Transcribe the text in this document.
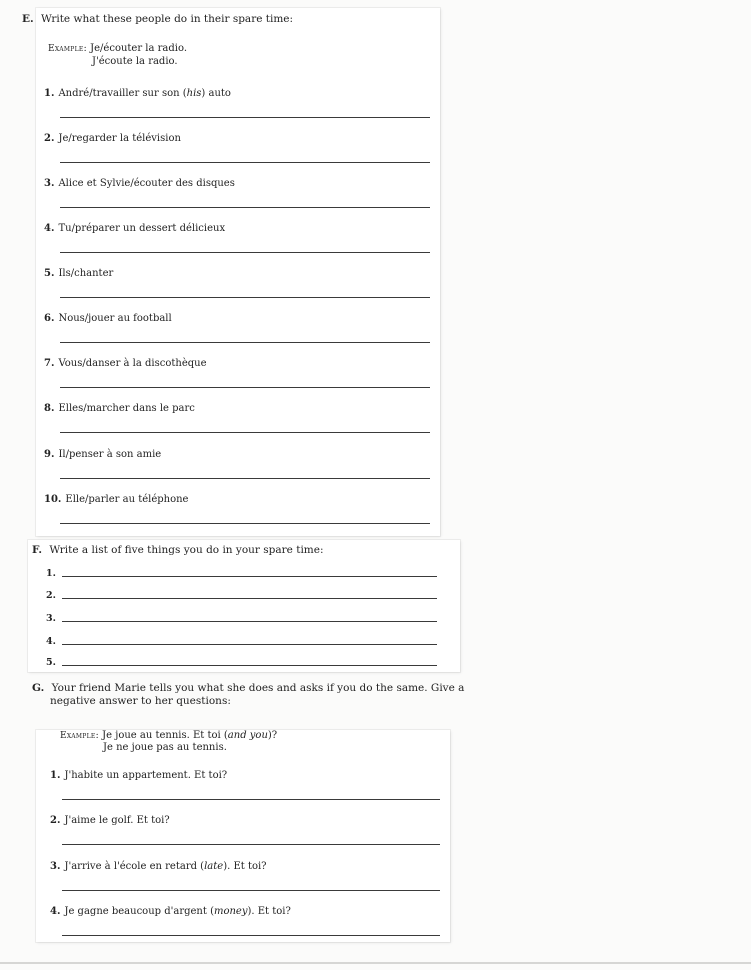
E. Write what these people do in their spare time:
Example: Je/écouter la radio.
J'écoute la radio.
1. André/travailler sur son (his) auto
2. Je/regarder la télévision
3. Alice et Sylvie/écouter des disques
4. Tu/préparer un dessert délicieux
5. Ils/chanter
6. Nous/jouer au football
7. Vous/danser à la discothèque
8. Elles/marcher dans le parc
9. Il/penser à son amie
10. Elle/parler au téléphone
F. Write a list of five things you do in your spare time:
1.
2.
3.
4.
5.
G. Your friend Marie tells you what she does and asks if you do the same. Give a
negative answer to her questions:
Example: Je joue au tennis. Et toi (and you)?
Je ne joue pas au tennis.
1. J'habite un appartement. Et toi?
2. J'aime le golf. Et toi?
3. J'arrive à l'école en retard (late). Et toi?
4. Je gagne beaucoup d'argent (money). Et toi?
